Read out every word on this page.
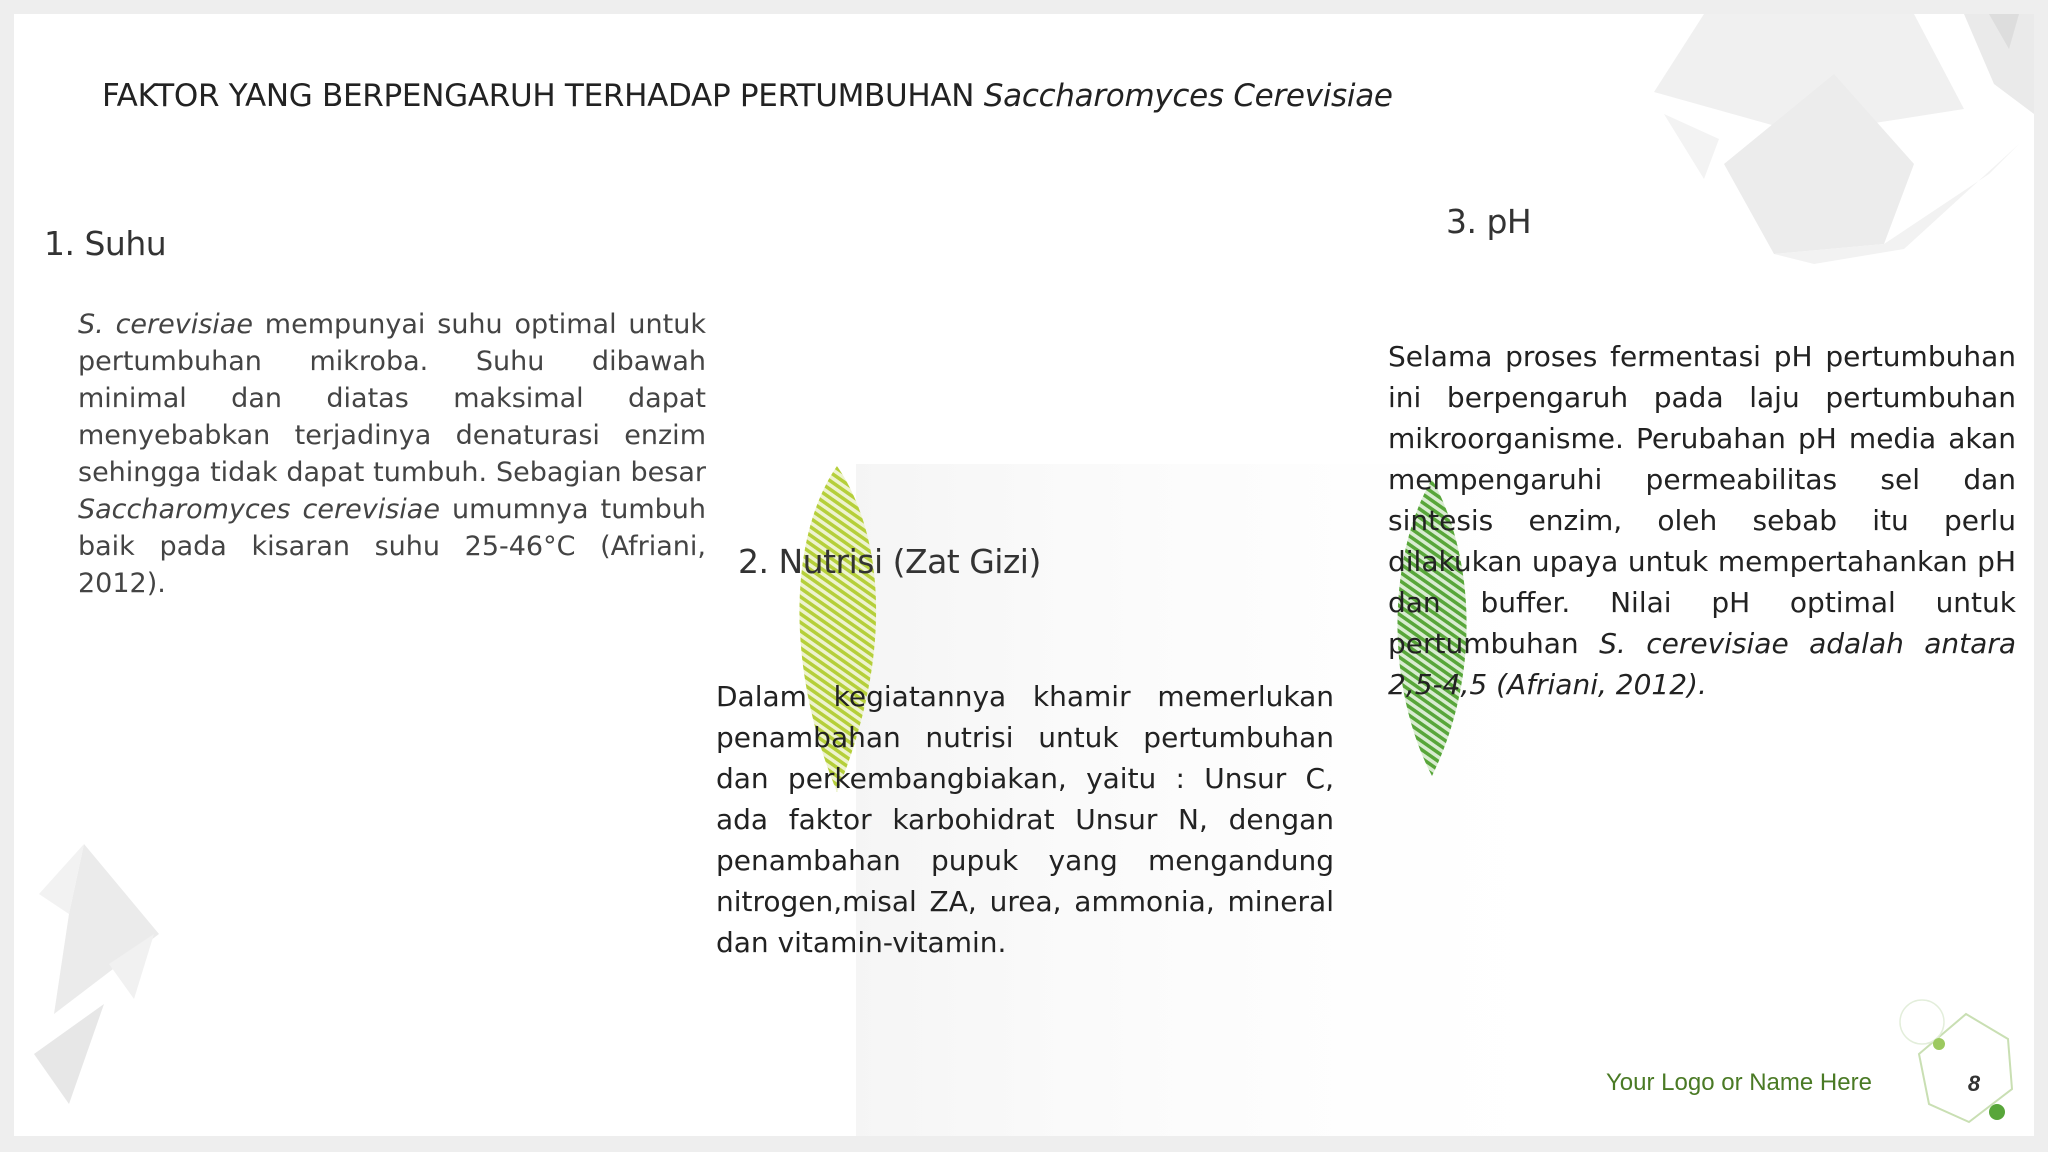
FAKTOR YANG BERPENGARUH TERHADAP PERTUMBUHAN Saccharomyces Cerevisiae
1. Suhu
S. cerevisiae mempunyai suhu optimal untuk pertumbuhan mikroba. Suhu dibawah minimal dan diatas maksimal dapat menyebabkan terjadinya denaturasi enzim sehingga tidak dapat tumbuh. Sebagian besar Saccharomyces cerevisiae umumnya tumbuh baik pada kisaran suhu 25-46°C (Afriani, 2012).
2. Nutrisi (Zat Gizi)
Dalam kegiatannya khamir memerlukan penambahan nutrisi untuk pertumbuhan dan perkembangbiakan, yaitu : Unsur C, ada faktor karbohidrat Unsur N, dengan penambahan pupuk yang mengandung nitrogen,misal ZA, urea, ammonia, mineral dan vitamin-vitamin.
3. pH
Selama proses fermentasi pH pertumbuhan ini berpengaruh pada laju pertumbuhan mikroorganisme. Perubahan pH media akan mempengaruhi permeabilitas sel dan sintesis enzim, oleh sebab itu perlu dilakukan upaya untuk mempertahankan pH dan buffer. Nilai pH optimal untuk pertumbuhan S. cerevisiae adalah antara 2,5-4,5 (Afriani, 2012).
Your Logo or Name Here	8
